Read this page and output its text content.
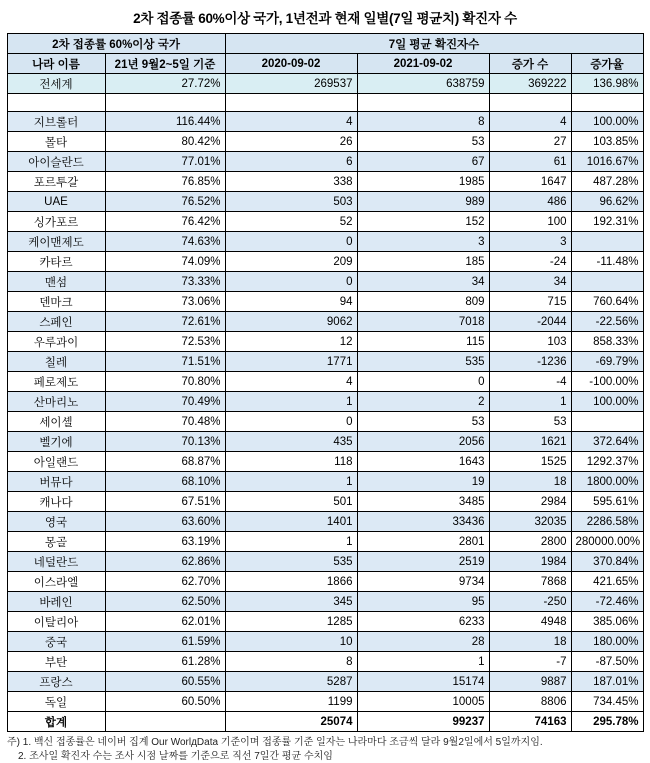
2차 접종률 60%이상 국가, 1년전과 현재 일별(7일 평균치) 확진자 수
2차 접종률 60%이상 국가		7일 평균 확진자수			
나라 이름	21년 9월2~5일 기준	2020-09-02	2021-09-02	증가 수	증가율
전세계	27.72%	269537	638759	369222	136.98%

지브롤터	116.44%	4	8	4	100.00%
몰타	80.42%	26	53	27	103.85%
아이슬란드	77.01%	6	67	61	1016.67%
포르투갈	76.85%	338	1985	1647	487.28%
UAE	76.52%	503	989	486	96.62%
싱가포르	76.42%	52	152	100	192.31%
케이맨제도	74.63%	0	3	3	
카타르	74.09%	209	185	-24	-11.48%
맨섬	73.33%	0	34	34	
덴마크	73.06%	94	809	715	760.64%
스페인	72.61%	9062	7018	-2044	-22.56%
우루과이	72.53%	12	115	103	858.33%
칠레	71.51%	1771	535	-1236	-69.79%
페로제도	70.80%	4	0	-4	-100.00%
산마리노	70.49%	1	2	1	100.00%
세이셸	70.48%	0	53	53	
벨기에	70.13%	435	2056	1621	372.64%
아일랜드	68.87%	118	1643	1525	1292.37%
버뮤다	68.10%	1	19	18	1800.00%
캐나다	67.51%	501	3485	2984	595.61%
영국	63.60%	1401	33436	32035	2286.58%
몽골	63.19%	1	2801	2800	280000.00%
네덜란드	62.86%	535	2519	1984	370.84%
이스라엘	62.70%	1866	9734	7868	421.65%
바레인	62.50%	345	95	-250	-72.46%
이탈리아	62.01%	1285	6233	4948	385.06%
중국	61.59%	10	28	18	180.00%
부탄	61.28%	8	1	-7	-87.50%
프랑스	60.55%	5287	15174	9887	187.01%
독일	60.50%	1199	10005	8806	734.45%
합계		25074	99237	74163	295.78%
주) 1. 백신 접종률은 네이버 집계 Our WorlдData 기준이며 접종률 기준 일자는 나라마다 조금씩 달라 9월2일에서 5일까지임.
2. 조사일 확진자 수는 조사 시점 날짜를 기준으로 직선 7일간 평균 수치임
